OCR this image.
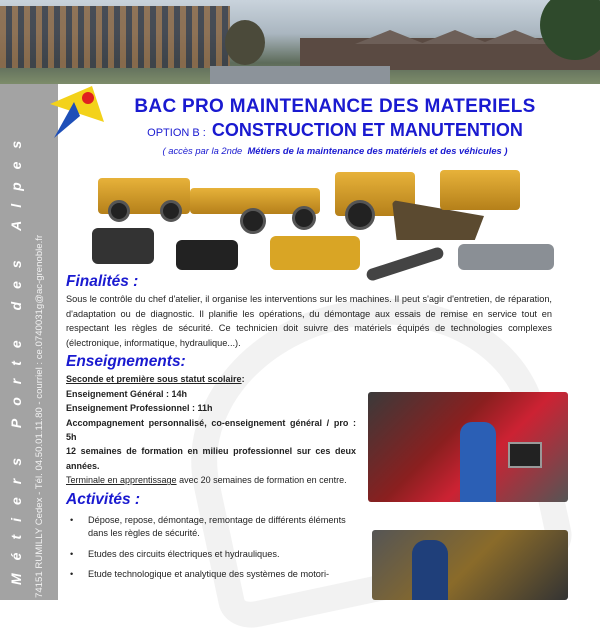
Métiers Porte des Alpes 74151 RUMILLY Cedex - Tél. 04.50.01.11.80 - courriel : ce.0740031g@ac-grenoble.fr
BAC PRO MAINTENANCE DES MATERIELS
OPTION B : CONSTRUCTION ET MANUTENTION
( accès par la 2nde Métiers de la maintenance des matériels et des véhicules )
Finalités :
Sous le contrôle du chef d'atelier, il organise les interventions sur les machines. Il peut s'agir d'entretien, de réparation, d'adaptation ou de diagnostic. Il planifie les opérations, du démontage aux essais de remise en service tout en respectant les règles de sécurité. Ce technicien doit suivre des matériels équipés de technologies complexes (électronique, informatique, hydraulique...).
Enseignements:
Seconde et première sous statut scolaire:
Enseignement Général : 14h
Enseignement Professionnel : 11h
Accompagnement personnalisé, co-enseignement général / pro : 5h
12 semaines de formation en milieu professionnel sur ces deux années.
Terminale en apprentissage avec 20 semaines de formation en centre.
Activités :
• Dépose, repose, démontage, remontage de différents éléments dans les règles de sécurité.
• Etudes des circuits électriques et hydrauliques.
• Etude technologique et analytique des systèmes de motori-
